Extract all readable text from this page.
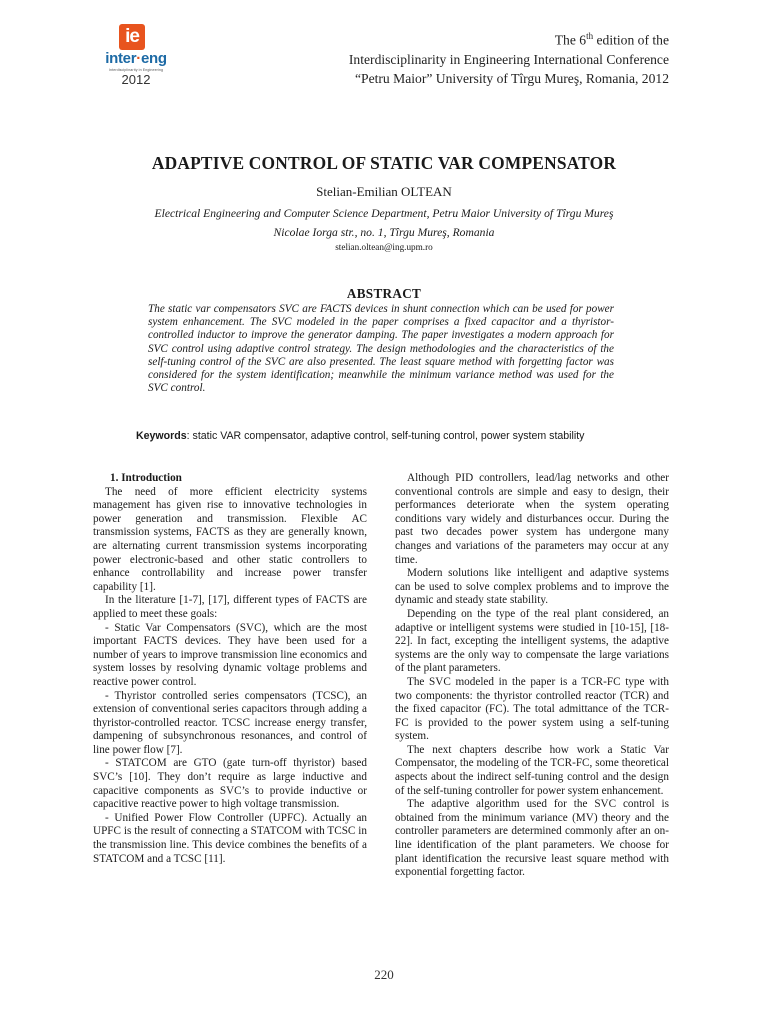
ie
inter·eng
Interdisciplinarity in Engineering
2012
The 6th edition of the
Interdisciplinarity in Engineering International Conference
“Petru Maior” University of Tîrgu Mureş, Romania, 2012
ADAPTIVE CONTROL OF STATIC VAR COMPENSATOR
Stelian-Emilian OLTEAN
Electrical Engineering and Computer Science Department, Petru Maior University of Tîrgu Mureş
Nicolae Iorga str., no. 1, Tîrgu Mureş, Romania
stelian.oltean@ing.upm.ro
ABSTRACT
The static var compensators SVC are FACTS devices in shunt connection which can be used for power system enhancement. The SVC modeled in the paper comprises a fixed capacitor and a thyristor-controlled inductor to improve the generator damping. The paper investigates a modern approach for SVC control using adaptive control strategy. The design methodologies and the characteristics of the self-tuning control of the SVC are also presented. The least square method with forgetting factor was considered for the system identification; meanwhile the minimum variance method was used for the SVC control.
Keywords: static VAR compensator, adaptive control, self-tuning control, power system stability

1. Introduction

The need of more efficient electricity systems management has given rise to innovative technologies in power generation and transmission. Flexible AC transmission systems, FACTS as they are generally known, are alternating current transmission systems incorporating power electronic-based and other static controllers to enhance controllability and increase power transfer capability [1].

In the literature [1-7], [17], different types of FACTS are applied to meet these goals:

- Static Var Compensators (SVC), which are the most important FACTS devices. They have been used for a number of years to improve transmission line economics and system losses by resolving dynamic voltage problems and reactive power control.

- Thyristor controlled series compensators (TCSC), an extension of conventional series capacitors through adding a thyristor-controlled reactor. TCSC increase energy transfer, dampening of subsynchronous resonances, and control of line power flow [7].

- STATCOM are GTO (gate turn-off thyristor) based SVC’s [10]. They don’t require as large inductive and capacitive components as SVC’s to provide inductive or capacitive reactive power to high voltage transmission.

- Unified Power Flow Controller (UPFC). Actually an UPFC is the result of connecting a STATCOM with TCSC in the transmission line. This device combines the benefits of a STATCOM and a TCSC [11].

Although PID controllers, lead/lag networks and other conventional controls are simple and easy to design, their performances deteriorate when the system operating conditions vary widely and disturbances occur. During the past two decades power system has undergone many changes and variations of the parameters may occur at any time.

Modern solutions like intelligent and adaptive systems can be used to solve complex problems and to improve the dynamic and steady state stability.

Depending on the type of the real plant considered, an adaptive or intelligent systems were studied in [10-15], [18-22]. In fact, excepting the intelligent systems, the adaptive systems are the only way to compensate the large variations of the plant parameters.

The SVC modeled in the paper is a TCR-FC type with two components: the thyristor controlled reactor (TCR) and the fixed capacitor (FC). The total admittance of the TCR-FC is provided to the power system using a self-tuning system.

The next chapters describe how work a Static Var Compensator, the modeling of the TCR-FC, some theoretical aspects about the indirect self-tuning control and the design of the self-tuning controller for power system enhancement.

The adaptive algorithm used for the SVC control is obtained from the minimum variance (MV) theory and the controller parameters are determined commonly after an on-line identification of the plant parameters. We choose for plant identification the recursive least square method with exponential forgetting factor.

220
